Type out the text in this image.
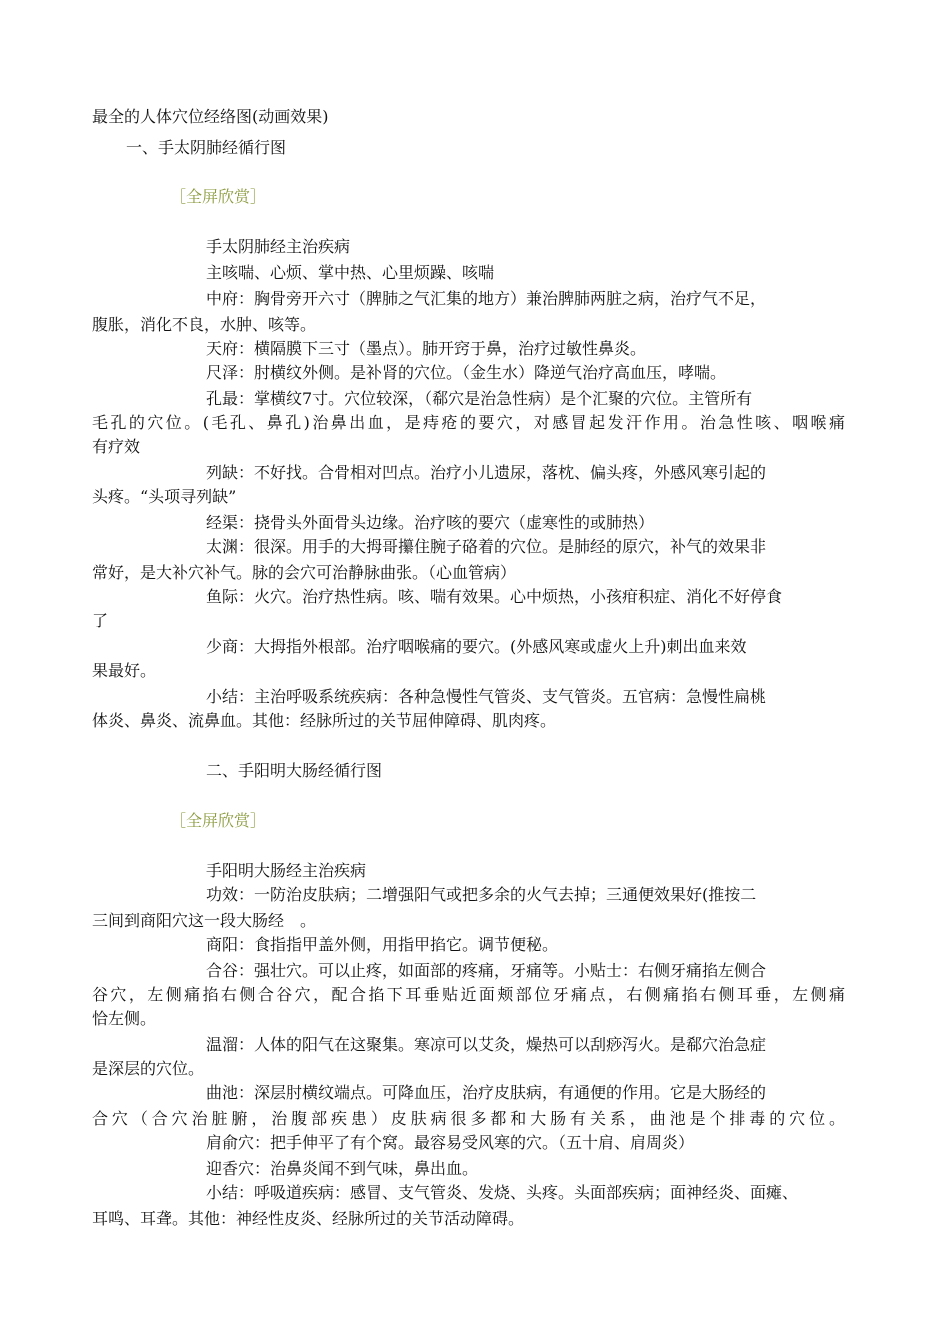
最全的人体穴位经络图(动画效果)
一、手太阴肺经循行图
［全屏欣赏］
手太阴肺经主治疾病
主咳喘、心烦、掌中热、心里烦躁、咳喘
中府：胸骨旁开六寸（脾肺之气汇集的地方）兼治脾肺两脏之病，治疗气不足，
腹胀，消化不良，水肿、咳等。
天府：横隔膜下三寸（墨点）。肺开窍于鼻，治疗过敏性鼻炎。
尺泽：肘横纹外侧。是补肾的穴位。（金生水）降逆气治疗高血压，哮喘。
孔最：掌横纹7寸。穴位较深，（郗穴是治急性病）是个汇聚的穴位。主管所有
毛孔的穴位。(毛孔、鼻孔)治鼻出血，是痔疮的要穴，对感冒起发汗作用。治急性咳、咽喉痛
有疗效
列缺：不好找。合骨相对凹点。治疗小儿遗尿，落枕、偏头疼，外感风寒引起的
头疼。“头项寻列缺”
经渠：挠骨头外面骨头边缘。治疗咳的要穴（虚寒性的或肺热）
太渊：很深。用手的大拇哥攥住腕子硌着的穴位。是肺经的原穴，补气的效果非
常好，是大补穴补气。脉的会穴可治静脉曲张。（心血管病）
鱼际：火穴。治疗热性病。咳、喘有效果。心中烦热，小孩疳积症、消化不好停食
了
少商：大拇指外根部。治疗咽喉痛的要穴。(外感风寒或虚火上升)刺出血来效
果最好。
小结：主治呼吸系统疾病：各种急慢性气管炎、支气管炎。五官病：急慢性扁桃
体炎、鼻炎、流鼻血。其他：经脉所过的关节屈伸障碍、肌肉疼。
二、手阳明大肠经循行图
［全屏欣赏］
手阳明大肠经主治疾病
功效：一防治皮肤病；二增强阳气或把多余的火气去掉；三通便效果好(推按二
三间到商阳穴这一段大肠经　。
商阳：食指指甲盖外侧，用指甲掐它。调节便秘。
合谷：强壮穴。可以止疼，如面部的疼痛，牙痛等。小贴士：右侧牙痛掐左侧合
谷穴，左侧痛掐右侧合谷穴，配合掐下耳垂贴近面颊部位牙痛点，右侧痛掐右侧耳垂，左侧痛
恰左侧。
温溜：人体的阳气在这聚集。寒凉可以艾灸，燥热可以刮痧泻火。是郗穴治急症
是深层的穴位。
曲池：深层肘横纹端点。可降血压，治疗皮肤病，有通便的作用。它是大肠经的
合穴（合穴治脏腑，治腹部疾患）皮肤病很多都和大肠有关系，曲池是个排毒的穴位。
肩俞穴：把手伸平了有个窝。最容易受风寒的穴。（五十肩、肩周炎）
迎香穴：治鼻炎闻不到气味，鼻出血。
小结：呼吸道疾病：感冒、支气管炎、发烧、头疼。头面部疾病；面神经炎、面瘫、
耳鸣、耳聋。其他：神经性皮炎、经脉所过的关节活动障碍。
